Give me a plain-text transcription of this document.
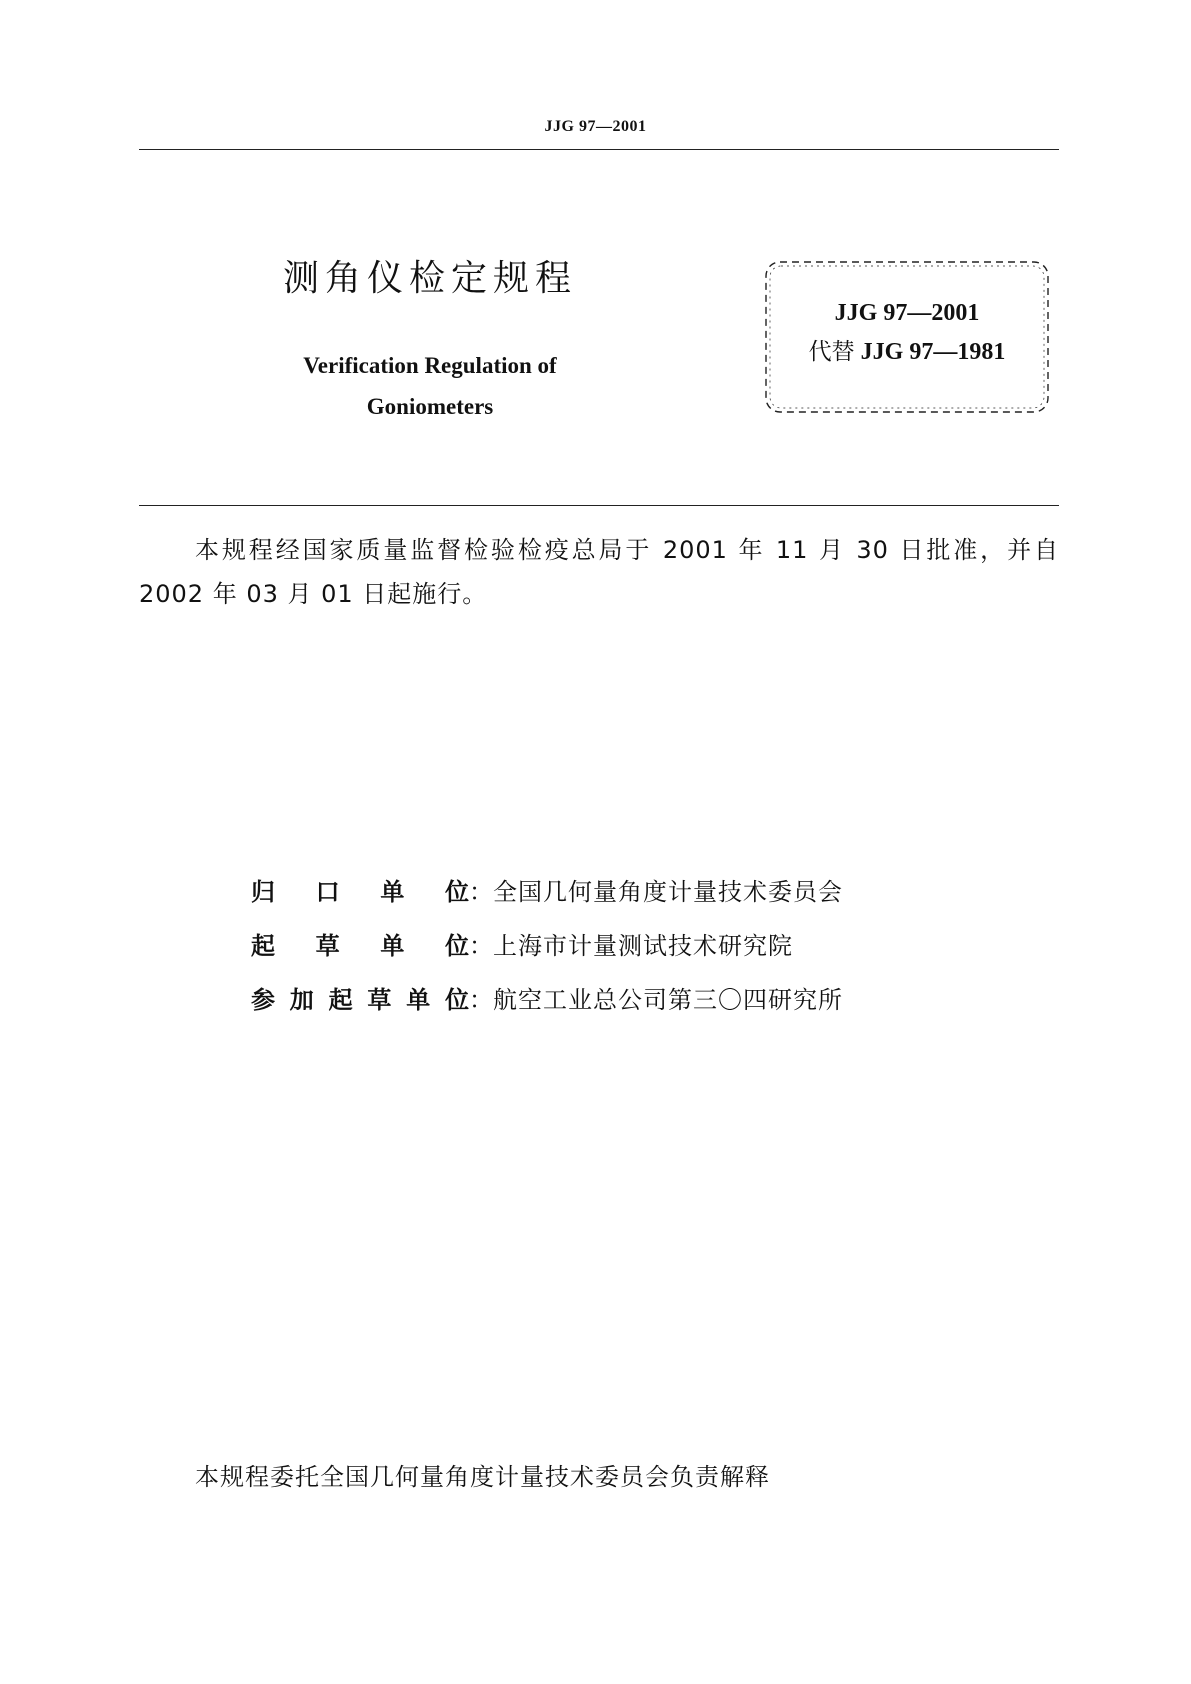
JJG 97—2001
测角仪检定规程
Verification Regulation of
Goniometers
JJG 97—2001
代替 JJG 97—1981
本规程经国家质量监督检验检疫总局于 2001 年 11 月 30 日批准，并自 2002 年 03 月 01 日起施行。
归 口 单 位 ： 全国几何量角度计量技术委员会
起 草 单 位 ： 上海市计量测试技术研究院
参 加 起 草 单 位 ： 航空工业总公司第三〇四研究所
本规程委托全国几何量角度计量技术委员会负责解释
